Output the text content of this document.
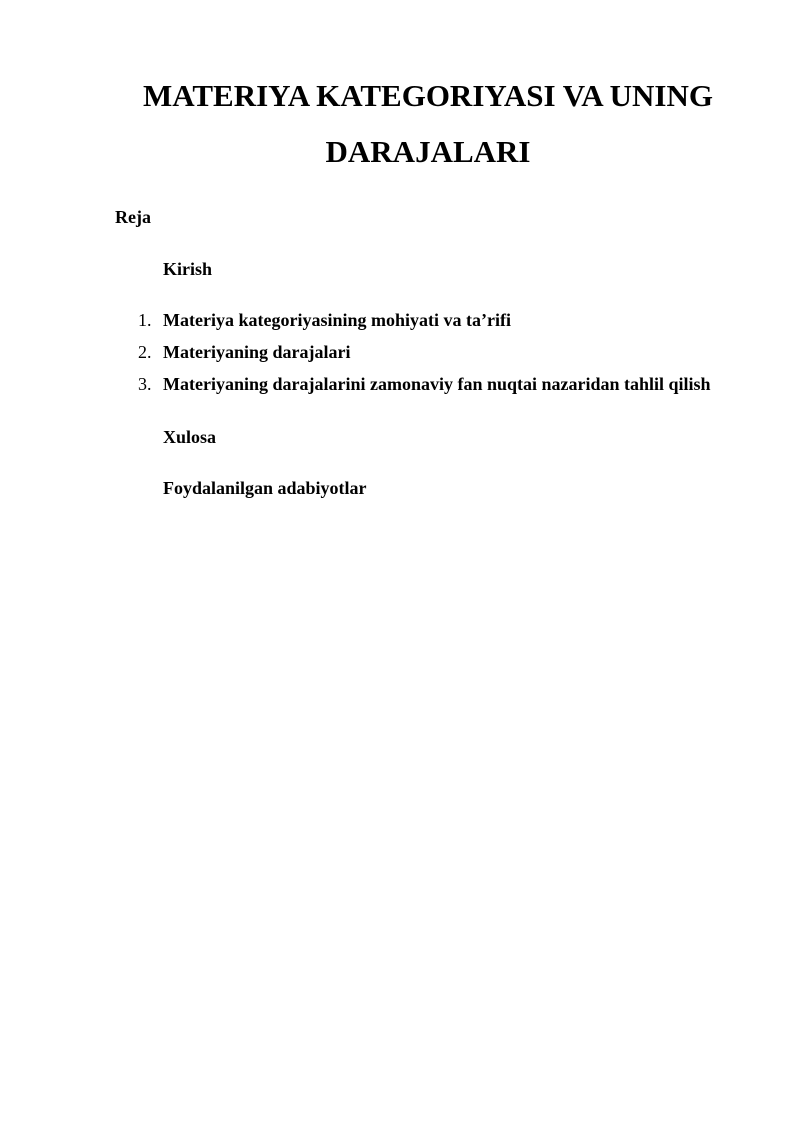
MATERIYA KATEGORIYASI VA UNING
DARAJALARI

Reja

Kirish

1. Materiya kategoriyasining mohiyati va ta’rifi
2. Materiyaning darajalari
3. Materiyaning darajalarini zamonaviy fan nuqtai nazaridan tahlil qilish

Xulosa

Foydalanilgan adabiyotlar
